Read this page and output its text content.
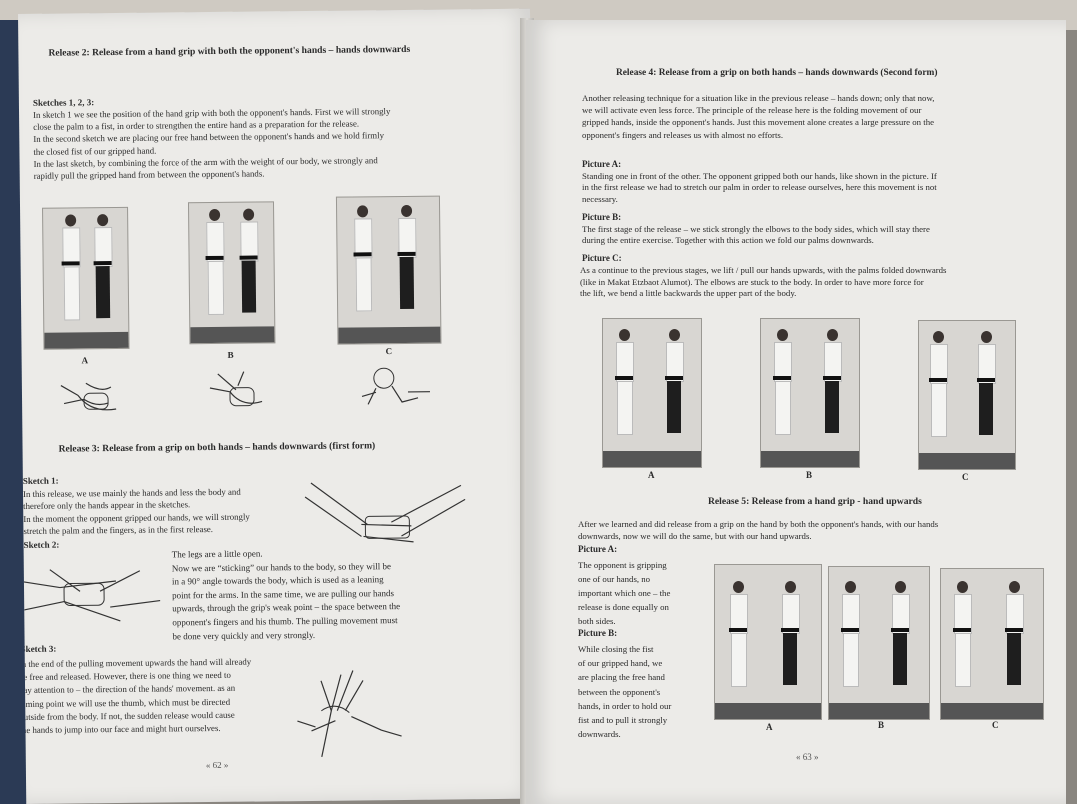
Release 2: Release from a hand grip with both the opponent's hands – hands downwards
Sketches 1, 2, 3:
In sketch 1 we see the position of the hand grip with both the opponent's hands. First we will strongly
close the palm to a fist, in order to strengthen the entire hand as a preparation for the release.
In the second sketch we are placing our free hand between the opponent's hands and we hold firmly
the closed fist of our gripped hand.
In the last sketch, by combining the force of the arm with the weight of our body, we strongly and
rapidly pull the gripped hand from between the opponent's hands.
A
B	C
Release 3: Release from a grip on both hands – hands downwards (first form)
Sketch 1:
In this release, we use mainly the hands and less the body and
therefore only the hands appear in the sketches.
In the moment the opponent gripped our hands, we will strongly
stretch the palm and the fingers, as in the first release.
Sketch 2:
The legs are a little open.
Now we are “sticking” our hands to the body, so they will be
in a 90° angle towards the body, which is used as a leaning
point for the arms. In the same time, we are pulling our hands
upwards, through the grip's weak point – the space between the
opponent's fingers and his thumb. The pulling movement must
be done very quickly and very strongly.
Sketch 3:
In the end of the pulling movement upwards the hand will already
be free and released. However, there is one thing we need to
pay attention to – the direction of the hands' movement. as an
aiming point we will use the thumb, which must be directed
outside from the body. If not, the sudden release would cause
the hands to jump into our face and might hurt ourselves.
« 62 »
Release 4: Release from a grip on both hands – hands downwards (Second form)
Another releasing technique for a situation like in the previous release – hands down; only that now,
we will activate even less force. The principle of the release here is the folding movement of our
gripped hands, inside the opponent's hands. Just this movement alone creates a large pressure on the
opponent's fingers and releases us with almost no efforts.
Picture A:
Standing one in front of the other. The opponent gripped both our hands, like shown in the picture. If
in the first release we had to stretch our palm in order to release ourselves, here this movement is not
necessary.
Picture B:
The first stage of the release – we stick strongly the elbows to the body sides, which will stay there
during the entire exercise. Together with this action we fold our palms downwards.
Picture C:
As a continue to the previous stages, we lift / pull our hands upwards, with the palms folded downwards
(like in Makat Etzbaot Alumot). The elbows are stuck to the body. In order to have more force for
the lift, we bend a little backwards the upper part of the body.
A	B	C
Release 5: Release from a hand grip - hand upwards
After we learned and did release from a grip on the hand by both the opponent's hands, with our hands
downwards, now we will do the same, but with our hand upwards.
Picture A:
The opponent is gripping
one of our hands, no
important which one – the
release is done equally on
both sides.
Picture B:
While closing the fist
of our gripped hand, we
are placing the free hand
between the opponent's
hands, in order to hold our
fist and to pull it strongly
downwards.
A	B	C
« 63 »
